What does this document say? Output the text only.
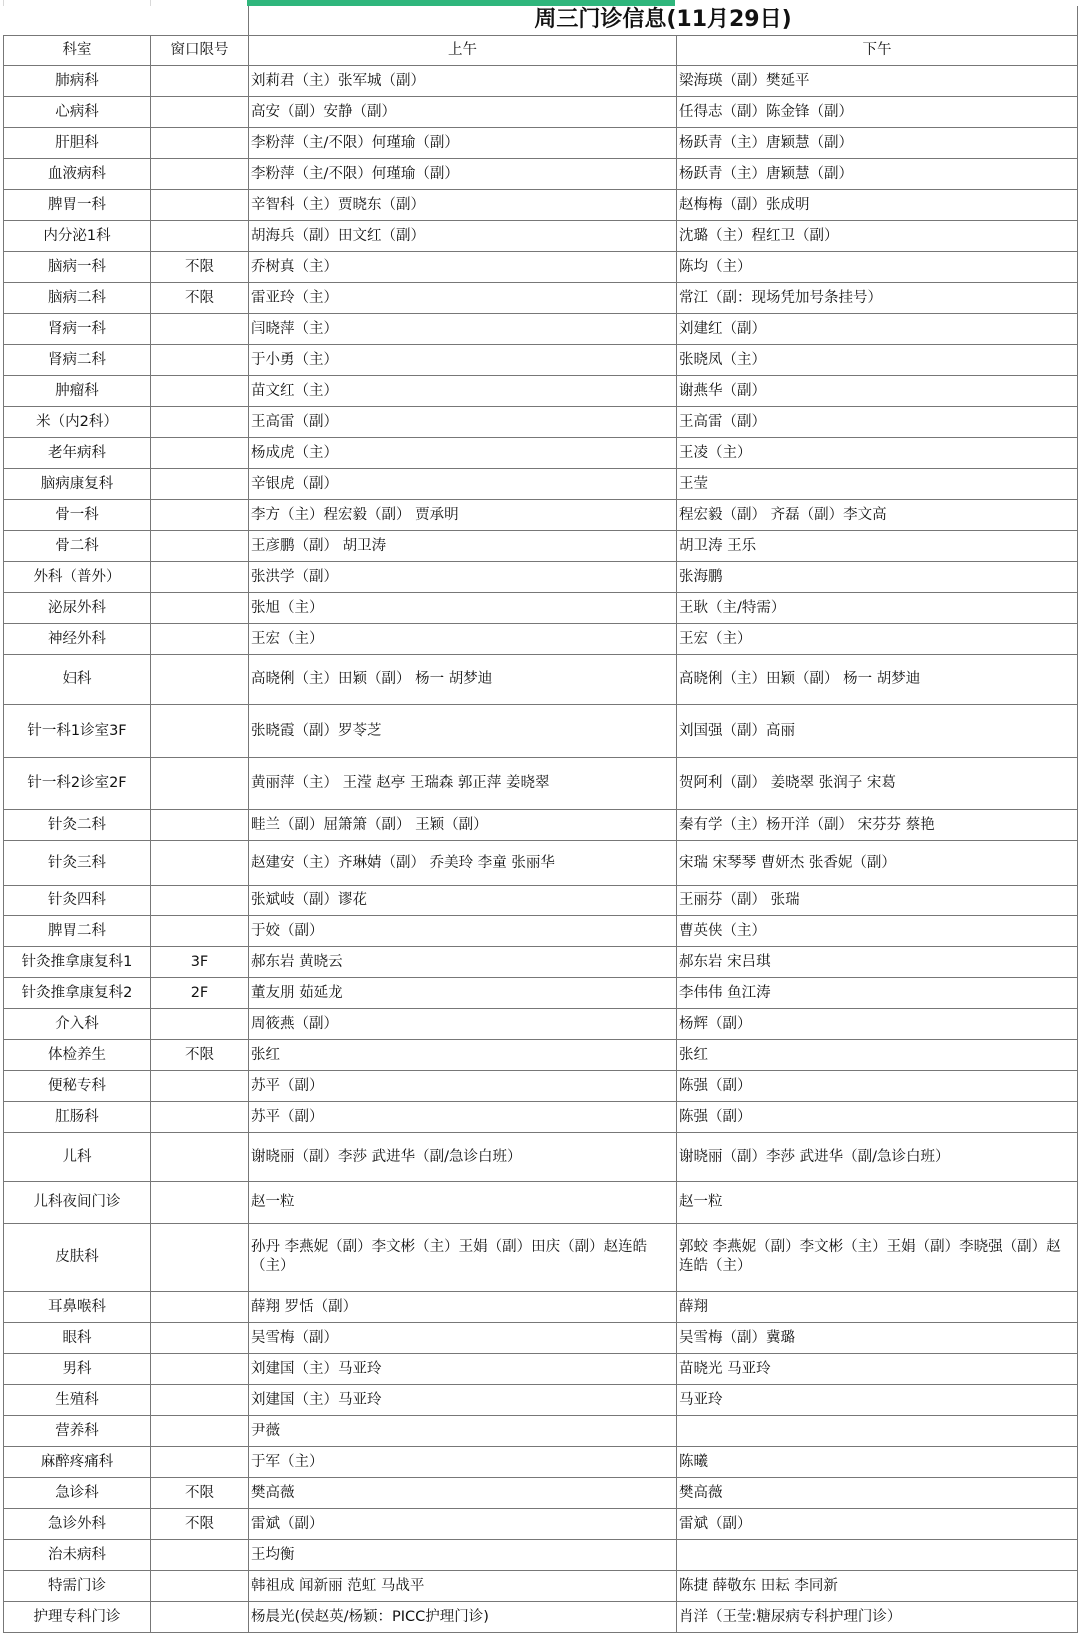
		周三门诊信息(11月29日)	
科室	窗口限号	上午	下午
肺病科		刘莉君（主）张军城（副）	梁海瑛（副）樊延平
心病科		高安（副）安静（副）	任得志（副）陈金锋（副）
肝胆科		李粉萍（主/不限）何瑾瑜（副）	杨跃青（主）唐颖慧（副）
血液病科		李粉萍（主/不限）何瑾瑜（副）	杨跃青（主）唐颖慧（副）
脾胃一科		辛智科（主）贾晓东（副）	赵梅梅（副）张成明
内分泌1科		胡海兵（副）田文红（副）	沈璐（主）程红卫（副）
脑病一科	不限	乔树真（主）	陈均（主）
脑病二科	不限	雷亚玲（主）	常江（副：现场凭加号条挂号）
肾病一科		闫晓萍（主）	刘建红（副）
肾病二科		于小勇（主）	张晓凤（主）
肿瘤科		苗文红（主）	谢燕华（副）
米（内2科）		王高雷（副）	王高雷（副）
老年病科		杨成虎（主）	王凌（主）
脑病康复科		辛银虎（副）	王莹
骨一科		李方（主）程宏毅（副） 贾承明	程宏毅（副） 齐磊（副）李文高
骨二科		王彦鹏（副） 胡卫涛	胡卫涛 王乐
外科（普外）		张洪学（副）	张海鹏
泌尿外科		张旭（主）	王耿（主/特需）
神经外科		王宏（主）	王宏（主）
妇科		高晓俐（主）田颖（副） 杨一 胡梦迪	高晓俐（主）田颖（副） 杨一 胡梦迪
针一科1诊室3F		张晓霞（副）罗苓芝	刘国强（副）高丽
针一科2诊室2F		黄丽萍（主） 王滢 赵亭 王瑞森 郭正萍 姜晓翠	贺阿利（副） 姜晓翠 张润子 宋葛
针灸二科		畦兰（副）屈箫箫（副） 王颖（副）	秦有学（主）杨开洋（副） 宋芬芬 蔡艳
针灸三科		赵建安（主）齐琳婧（副） 乔美玲 李童 张丽华	宋瑞 宋琴琴 曹妍杰 张香妮（副）
针灸四科		张斌岐（副）谬花	王丽芬（副） 张瑞
脾胃二科		于姣（副）	曹英侠（主）
针灸推拿康复科1	3F	郝东岩 黄晓云	郝东岩 宋吕琪
针灸推拿康复科2	2F	董友朋 茹延龙	李伟伟 鱼江涛
介入科		周筱燕（副）	杨辉（副）
体检养生	不限	张红	张红
便秘专科		苏平（副）	陈强（副）
肛肠科		苏平（副）	陈强（副）
儿科		谢晓丽（副）李莎 武进华（副/急诊白班）	谢晓丽（副）李莎 武进华（副/急诊白班）
儿科夜间门诊		赵一粒	赵一粒
皮肤科		孙丹 李燕妮（副）李文彬（主）王娟（副）田庆（副）赵连皓（主）	郭蛟 李燕妮（副）李文彬（主）王娟（副）李晓强（副）赵连皓（主）
耳鼻喉科		薛翔 罗恬（副）	薛翔
眼科		吴雪梅（副）	吴雪梅（副）冀璐
男科		刘建国（主）马亚玲	苗晓光 马亚玲
生殖科		刘建国（主）马亚玲	马亚玲
营养科		尹薇	
麻醉疼痛科		于军（主）	陈曦
急诊科	不限	樊高薇	樊高薇
急诊外科	不限	雷斌（副）	雷斌（副）
治未病科		王均衡	
特需门诊		韩祖成 闻新丽 范虹 马战平	陈捷 薛敬东 田耘 李同新
护理专科门诊		杨晨光(侯赵英/杨颖：PICC护理门诊)	肖洋（王莹:糖尿病专科护理门诊）
